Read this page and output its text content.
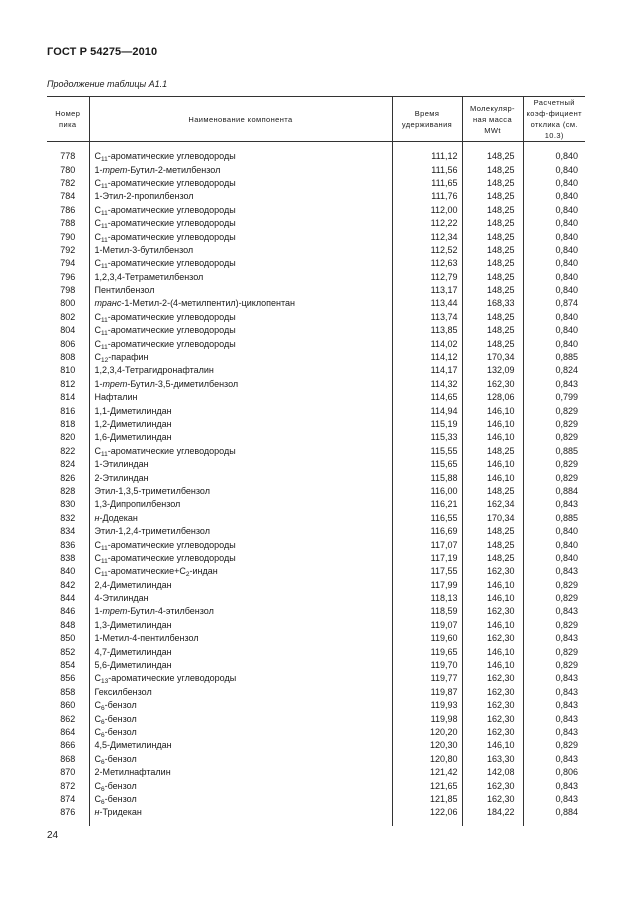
ГОСТ Р 54275—2010
Продолжение таблицы А1.1
Номер пика	Наименование компонента	Время удерживания	Молекуляр-ная масса MWt	Расчетный коэф-фициент отклика (см. 10.3)

778	$C_{11}$-ароматические углеводороды	111,12	148,25	0,840
780	1-трет-Бутил-2-метилбензол	111,56	148,25	0,840
782	$C_{11}$-ароматические углеводороды	111,65	148,25	0,840
784	1-Этил-2-пропилбензол	111,76	148,25	0,840
786	$C_{11}$-ароматические углеводороды	112,00	148,25	0,840
788	$C_{11}$-ароматические углеводороды	112,22	148,25	0,840
790	$C_{11}$-ароматические углеводороды	112,34	148,25	0,840
792	1-Метил-3-бутилбензол	112,52	148,25	0,840
794	$C_{11}$-ароматические углеводороды	112,63	148,25	0,840
796	1,2,3,4-Тетраметилбензол	112,79	148,25	0,840
798	Пентилбензол	113,17	148,25	0,840
800	транс-1-Метил-2-(4-метилпентил)-циклопентан	113,44	168,33	0,874
802	$C_{11}$-ароматические углеводороды	113,74	148,25	0,840
804	$C_{11}$-ароматические углеводороды	113,85	148,25	0,840
806	$C_{11}$-ароматические углеводороды	114,02	148,25	0,840
808	$C_{12}$-парафин	114,12	170,34	0,885
810	1,2,3,4-Тетрагидронафталин	114,17	132,09	0,824
812	1-трет-Бутил-3,5-диметилбензол	114,32	162,30	0,843
814	Нафталин	114,65	128,06	0,799
816	1,1-Диметилиндан	114,94	146,10	0,829
818	1,2-Диметилиндан	115,19	146,10	0,829
820	1,6-Диметилиндан	115,33	146,10	0,829
822	$C_{11}$-ароматические углеводороды	115,55	148,25	0,885
824	1-Этилиндан	115,65	146,10	0,829
826	2-Этилиндан	115,88	146,10	0,829
828	Этил-1,3,5-триметилбензол	116,00	148,25	0,884
830	1,3-Дипропилбензол	116,21	162,34	0,843
832	н-Додекан	116,55	170,34	0,885
834	Этил-1,2,4-триметилбензол	116,69	148,25	0,840
836	$C_{11}$-ароматические углеводороды	117,07	148,25	0,840
838	$C_{11}$-ароматические углеводороды	117,19	148,25	0,840
840	$C_{11}-ароматические+C_2$-индан	117,55	162,30	0,843
842	2,4-Диметилиндан	117,99	146,10	0,829
844	4-Этилиндан	118,13	146,10	0,829
846	1-трет-Бутил-4-этилбензол	118,59	162,30	0,843
848	1,3-Диметилиндан	119,07	146,10	0,829
850	1-Метил-4-пентилбензол	119,60	162,30	0,843
852	4,7-Диметилиндан	119,65	146,10	0,829
854	5,6-Диметилиндан	119,70	146,10	0,829
856	$C_{13}$-ароматические углеводороды	119,77	162,30	0,843
858	Гексилбензол	119,87	162,30	0,843
860	$C_6$-бензол	119,93	162,30	0,843
862	$C_6$-бензол	119,98	162,30	0,843
864	$C_6$-бензол	120,20	162,30	0,843
866	4,5-Диметилиндан	120,30	146,10	0,829
868	$C_6$-бензол	120,80	163,30	0,843
870	2-Метилнафталин	121,42	142,08	0,806
872	$C_6$-бензол	121,65	162,30	0,843
874	$C_6$-бензол	121,85	162,30	0,843
876	н-Тридекан	122,06	184,22	0,884

24
